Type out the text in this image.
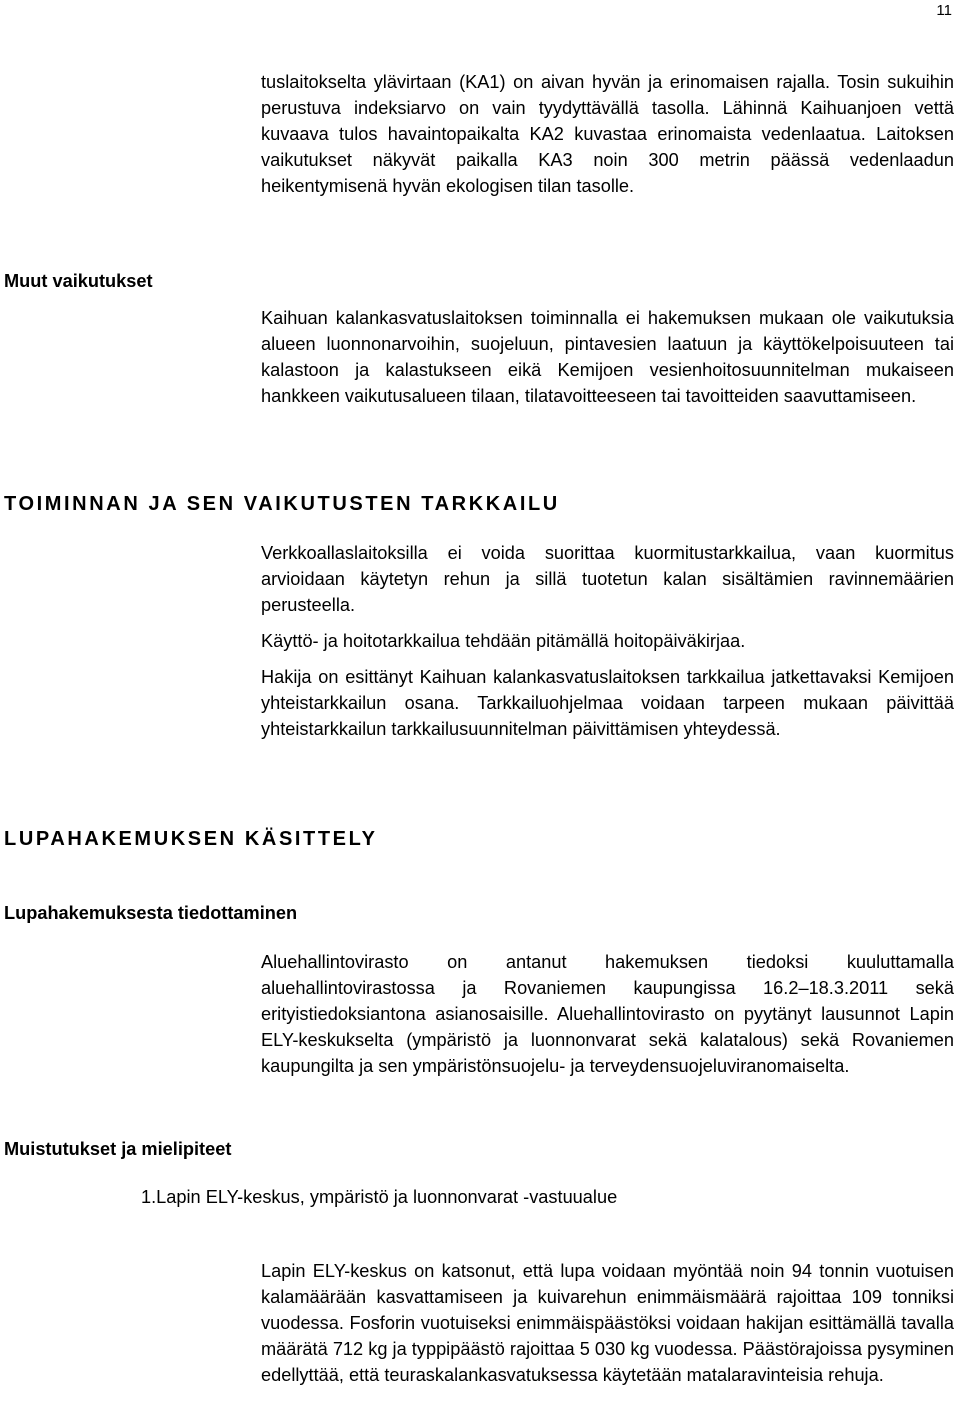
11

tuslaitokselta ylävirtaan (KA1) on aivan hyvän ja erinomaisen rajalla. Tosin sukuihin perustuva indeksiarvo on vain tyydyttävällä tasolla. Lähinnä Kaihuanjoen vettä kuvaava tulos havaintopaikalta KA2 kuvastaa erinomaista vedenlaatua. Laitoksen vaikutukset näkyvät paikalla KA3 noin 300 metrin päässä vedenlaadun heikentymisenä hyvän ekologisen tilan tasolle.

Muut vaikutukset

Kaihuan kalankasvatuslaitoksen toiminnalla ei hakemuksen mukaan ole vaikutuksia alueen luonnonarvoihin, suojeluun, pintavesien laatuun ja käyttökelpoisuuteen tai kalastoon ja kalastukseen eikä Kemijoen vesienhoitosuunnitelman mukaiseen hankkeen vaikutusalueen tilaan, tilatavoitteeseen tai tavoitteiden saavuttamiseen.

TOIMINNAN JA SEN VAIKUTUSTEN TARKKAILU

Verkkoallaslaitoksilla ei voida suorittaa kuormitustarkkailua, vaan kuormitus arvioidaan käytetyn rehun ja sillä tuotetun kalan sisältämien ravinnemäärien perusteella.

Käyttö- ja hoitotarkkailua tehdään pitämällä hoitopäiväkirjaa.

Hakija on esittänyt Kaihuan kalankasvatuslaitoksen tarkkailua jatkettavaksi Kemijoen yhteistarkkailun osana. Tarkkailuohjelmaa voidaan tarpeen mukaan päivittää yhteistarkkailun tarkkailusuunnitelman päivittämisen yhteydessä.

LUPAHAKEMUKSEN KÄSITTELY
Lupahakemuksesta tiedottaminen

Aluehallintovirasto on antanut hakemuksen tiedoksi kuuluttamalla aluehallintovirastossa ja Rovaniemen kaupungissa 16.2–18.3.2011 sekä erityistiedoksiantona asianosaisille. Aluehallintovirasto on pyytänyt lausunnot Lapin ELY-keskukselta (ympäristö ja luonnonvarat sekä kalatalous) sekä Rovaniemen kaupungilta ja sen ympäristönsuojelu- ja terveydensuojeluviranomaiselta.

Muistutukset ja mielipiteet

1.Lapin ELY-keskus, ympäristö ja luonnonvarat -vastuualue

Lapin ELY-keskus on katsonut, että lupa voidaan myöntää noin 94 tonnin vuotuisen kalamäärään kasvattamiseen ja kuivarehun enimmäismäärä rajoittaa 109 tonniksi vuodessa. Fosforin vuotuiseksi enimmäispäästöksi voidaan hakijan esittämällä tavalla määrätä 712 kg ja typpipäästö rajoittaa 5 030 kg vuodessa. Päästörajoissa pysyminen edellyttää, että teuraskalankasvatuksessa käytetään matalaravinteisia rehuja.
